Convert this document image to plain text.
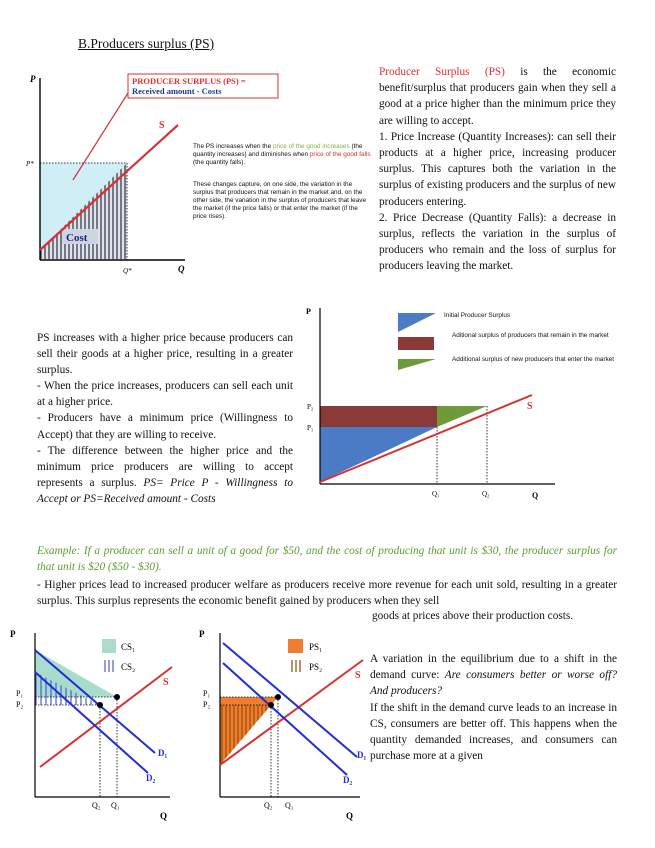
B.Producers surplus (PS)
Cost
P
Q
P*
Q*
S
PRODUCER SURPLUS (PS) =
Received amount - Costs
The PS increases when the price of the good increases (the quantity increases) and diminishes when price of the good falls (the quantity falls).
These changes capture, on one side, the variation in the surplus that producers that remain in the market and, on the other side, the variation in the surplus of producers that leave the market (if the price falls) or that enter the market (if the price rises).

Producer Surplus (PS) is the economic benefit/surplus that producers gain when they sell a good at a price higher than the minimum price they are willing to accept.

1. Price Increase (Quantity Increases): can sell their products at a higher price, increasing producer surplus. This captures both the variation in the surplus of existing producers and the surplus of new producers entering.

2. Price Decrease (Quantity Falls): a decrease in surplus, reflects the variation in the surplus of producers who remain and the loss of surplus for producers leaving the market.

P
Q
P₂
P₁
Q₁	Q₂
S
Initial Producer Surplus
Aditional surplus of producers that remain in the market
Additional surplus of new producers that enter the market

PS increases with a higher price because producers can sell their goods at a higher price, resulting in a greater surplus.

- When the price increases, producers can sell each unit at a higher price.

- Producers have a minimum price (Willingness to Accept) that they are willing to receive.

- The difference between the higher price and the minimum price producers are willing to accept represents a surplus. PS= Price P - Willingness to Accept or PS=Received amount - Costs

Example: If a producer can sell a unit of a good for $50, and the cost of producing that unit is $30, the producer surplus for that unit is $20 ($50 - $30).
- Higher prices lead to increased producer welfare as producers receive more revenue for each unit sold, resulting in a greater surplus. This surplus represents the economic benefit gained by producers when they sell
goods at prices above their production costs.
P
Q
CS₁
CS₂
P₁
P₂
Q₂ Q₁
S
D₁
D₂
P
Q
PS₁
PS₂
P₁
P₂
Q₂ Q₁
S
D₁
D₂

A variation in the equilibrium due to a shift in the demand curve: Are consumers better or worse off? And producers?

If the shift in the demand curve leads to an increase in CS, consumers are better off. This happens when the quantity demanded increases, and consumers can purchase more at a given
